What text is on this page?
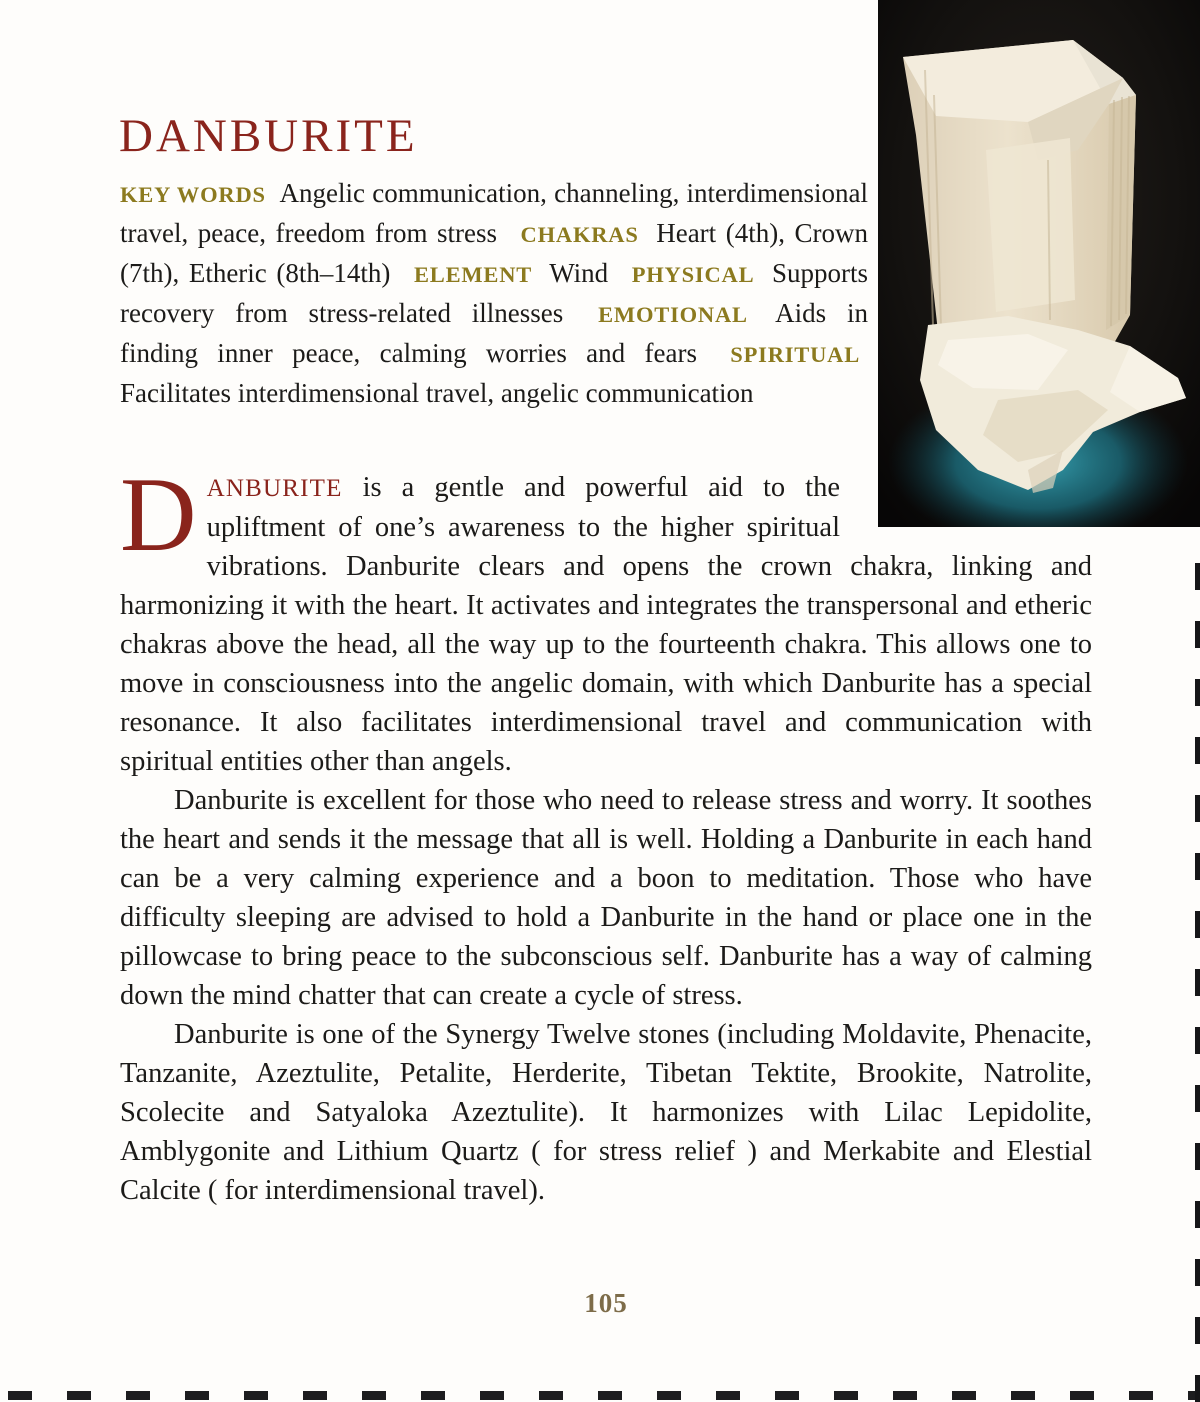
DANBURITE
KEY WORDS Angelic communication, channeling, interdimensional travel, peace, freedom from stress CHAKRAS Heart (4th), Crown (7th), Etheric (8th–14th) ELEMENT Wind PHYSICAL Supports recovery from stress-related illnesses EMOTIONAL Aids in finding inner peace, calming worries and fears SPIRITUAL Facilitates interdimensional travel, angelic communication

DANBURITE is a gentle and powerful aid to the upliftment of one’s awareness to the higher spiritual vibrations. Danburite clears and opens the crown chakra, linking and harmonizing it with the heart. It activates and integrates the transpersonal and etheric chakras above the head, all the way up to the fourteenth chakra. This allows one to move in consciousness into the angelic domain, with which Danburite has a special resonance. It also facilitates interdimensional travel and communication with spiritual entities other than angels.

Danburite is excellent for those who need to release stress and worry. It soothes the heart and sends it the message that all is well. Holding a Danburite in each hand can be a very calming experience and a boon to meditation. Those who have difficulty sleeping are advised to hold a Danburite in the hand or place one in the pillowcase to bring peace to the subconscious self. Danburite has a way of calming down the mind chatter that can create a cycle of stress.

Danburite is one of the Synergy Twelve stones (including Moldavite, Phenacite, Tanzanite, Azeztulite, Petalite, Herderite, Tibetan Tektite, Brookite, Natrolite, Scolecite and Satyaloka Azeztulite). It harmonizes with Lilac Lepidolite, Amblygonite and Lithium Quartz ( for stress relief ) and Merkabite and Elestial Calcite ( for interdimensional travel).

105
